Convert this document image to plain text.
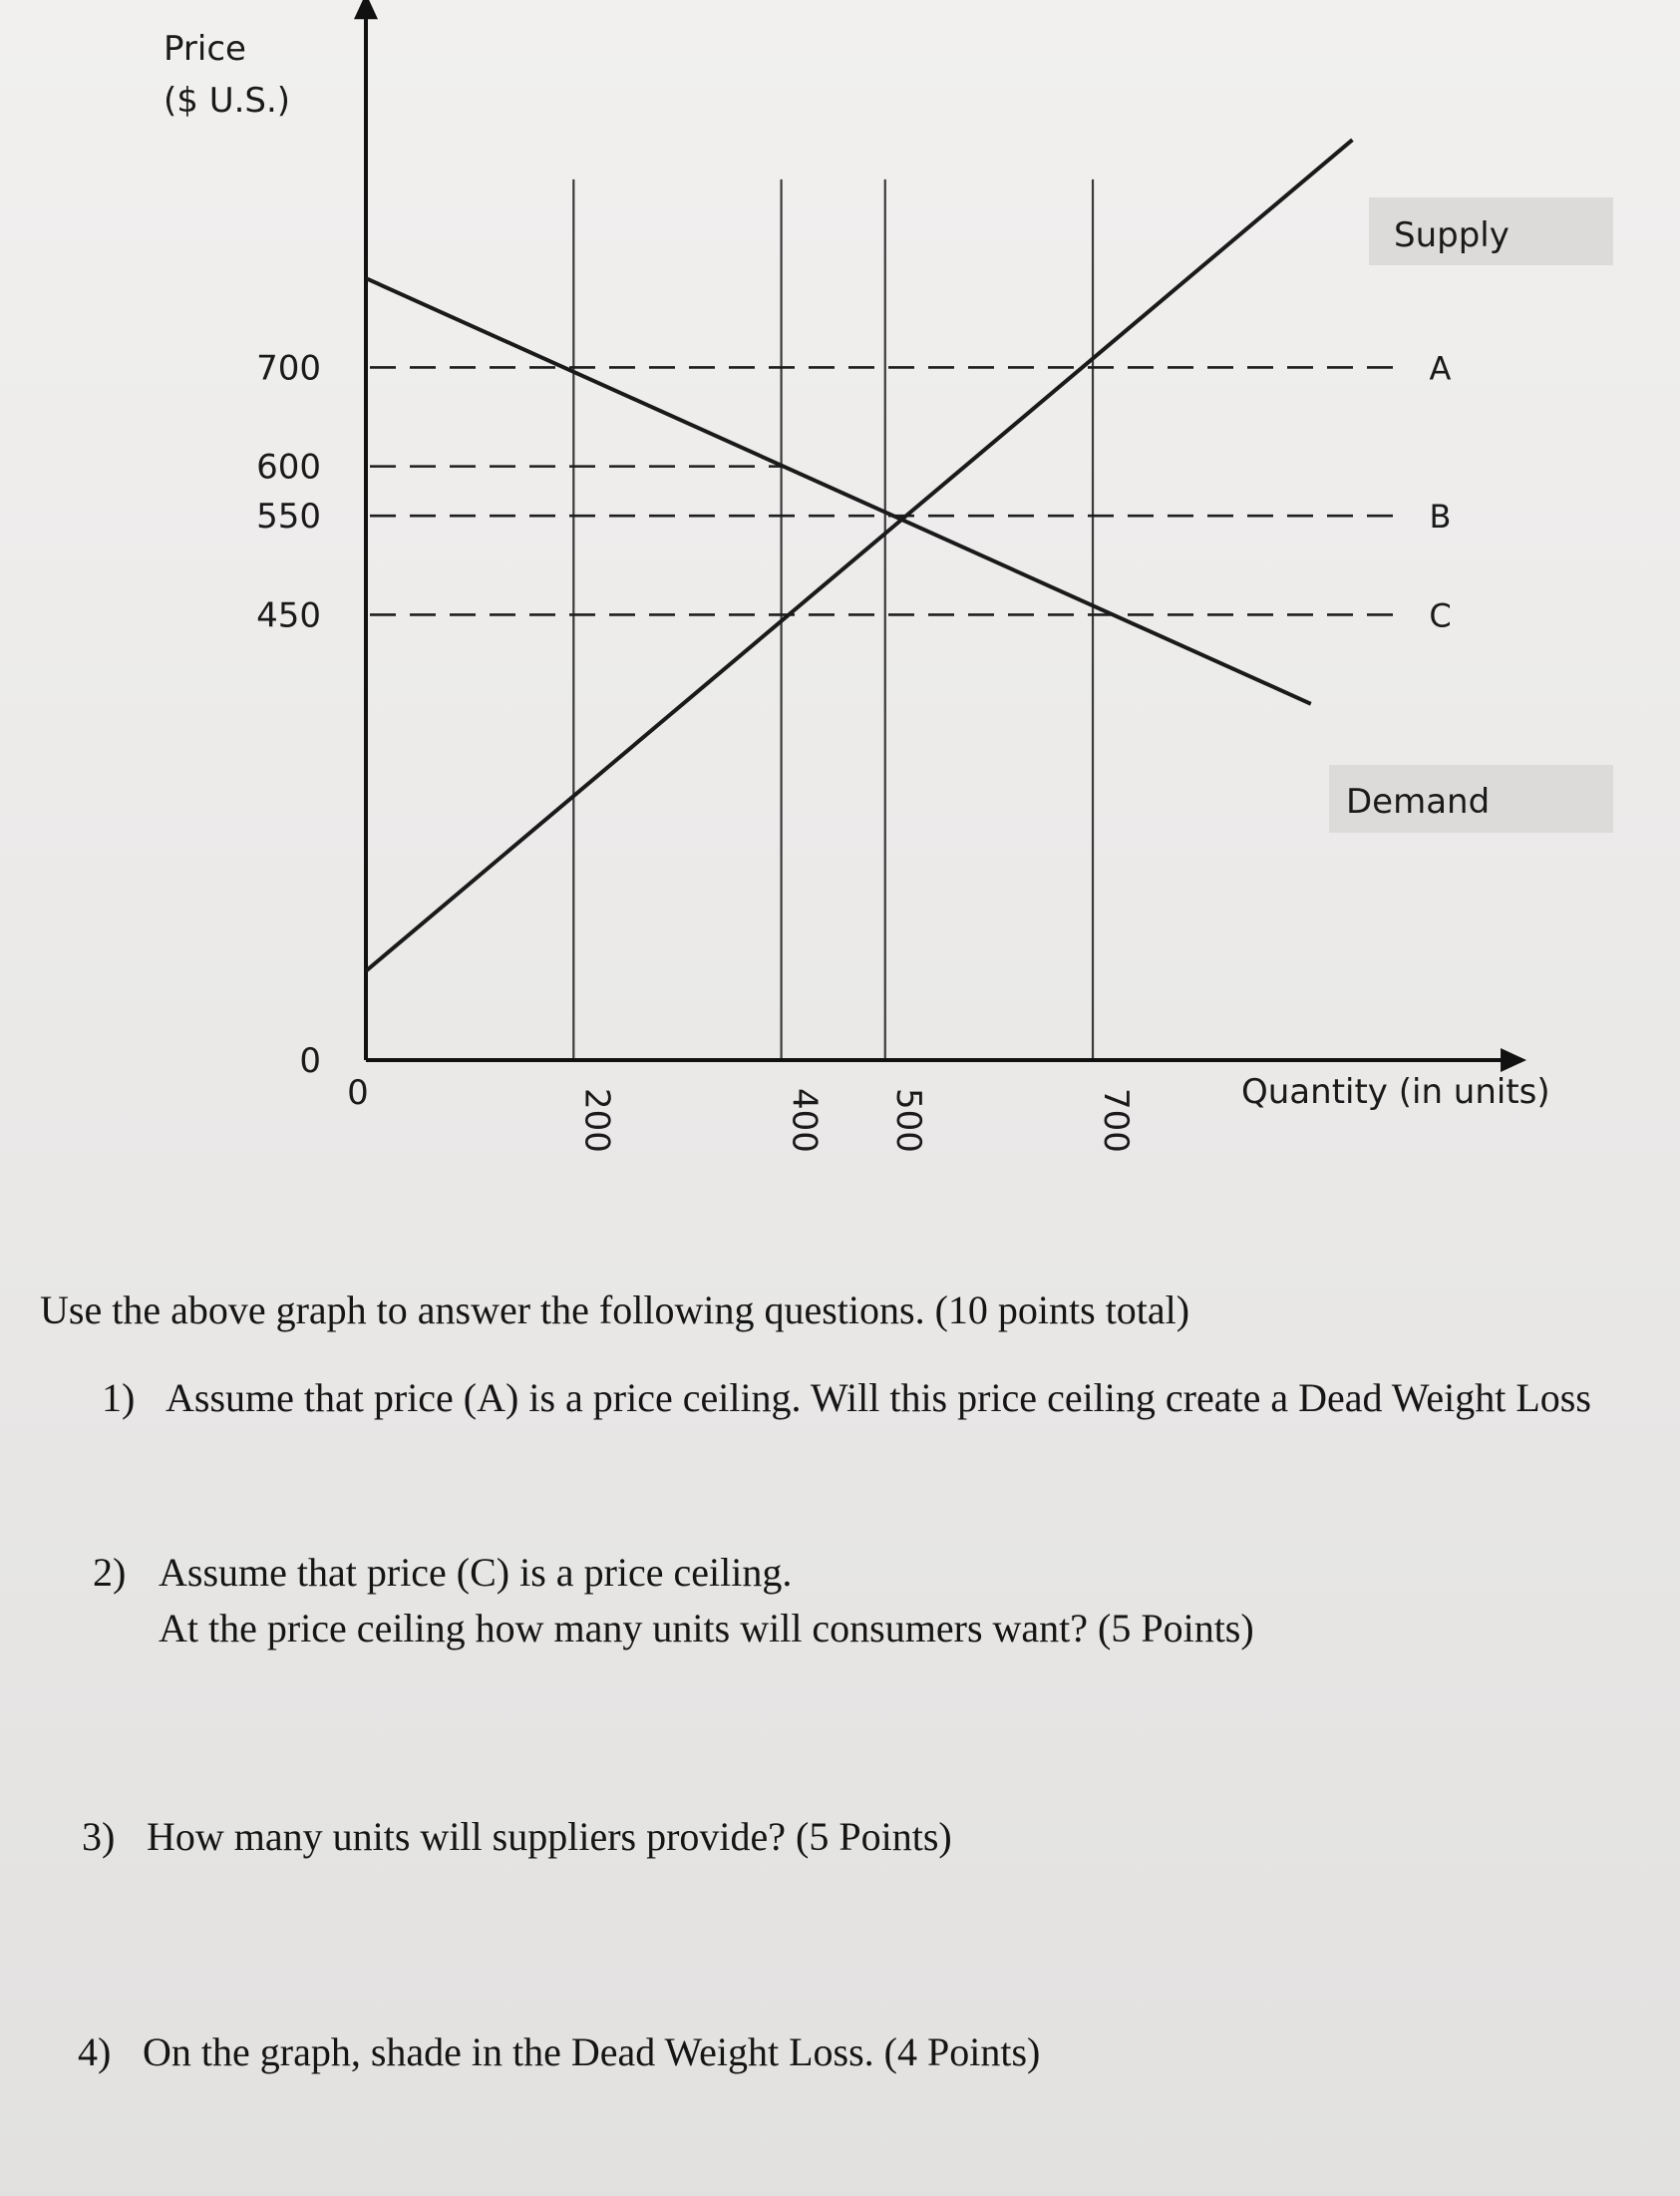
A
B
C
Supply
Demand
700
600
550
450
0
0	200	400 500	700
Price
($ U.S.)
Quantity (in units)
Use the above graph to answer the following questions. (10 points total)
1) Assume that price (A) is a price ceiling. Will this price ceiling create a Dead Weight Loss
2) Assume that price (C) is a price ceiling.
At the price ceiling how many units will consumers want? (5 Points)
3) How many units will suppliers provide? (5 Points)
4) On the graph, shade in the Dead Weight Loss. (4 Points)
